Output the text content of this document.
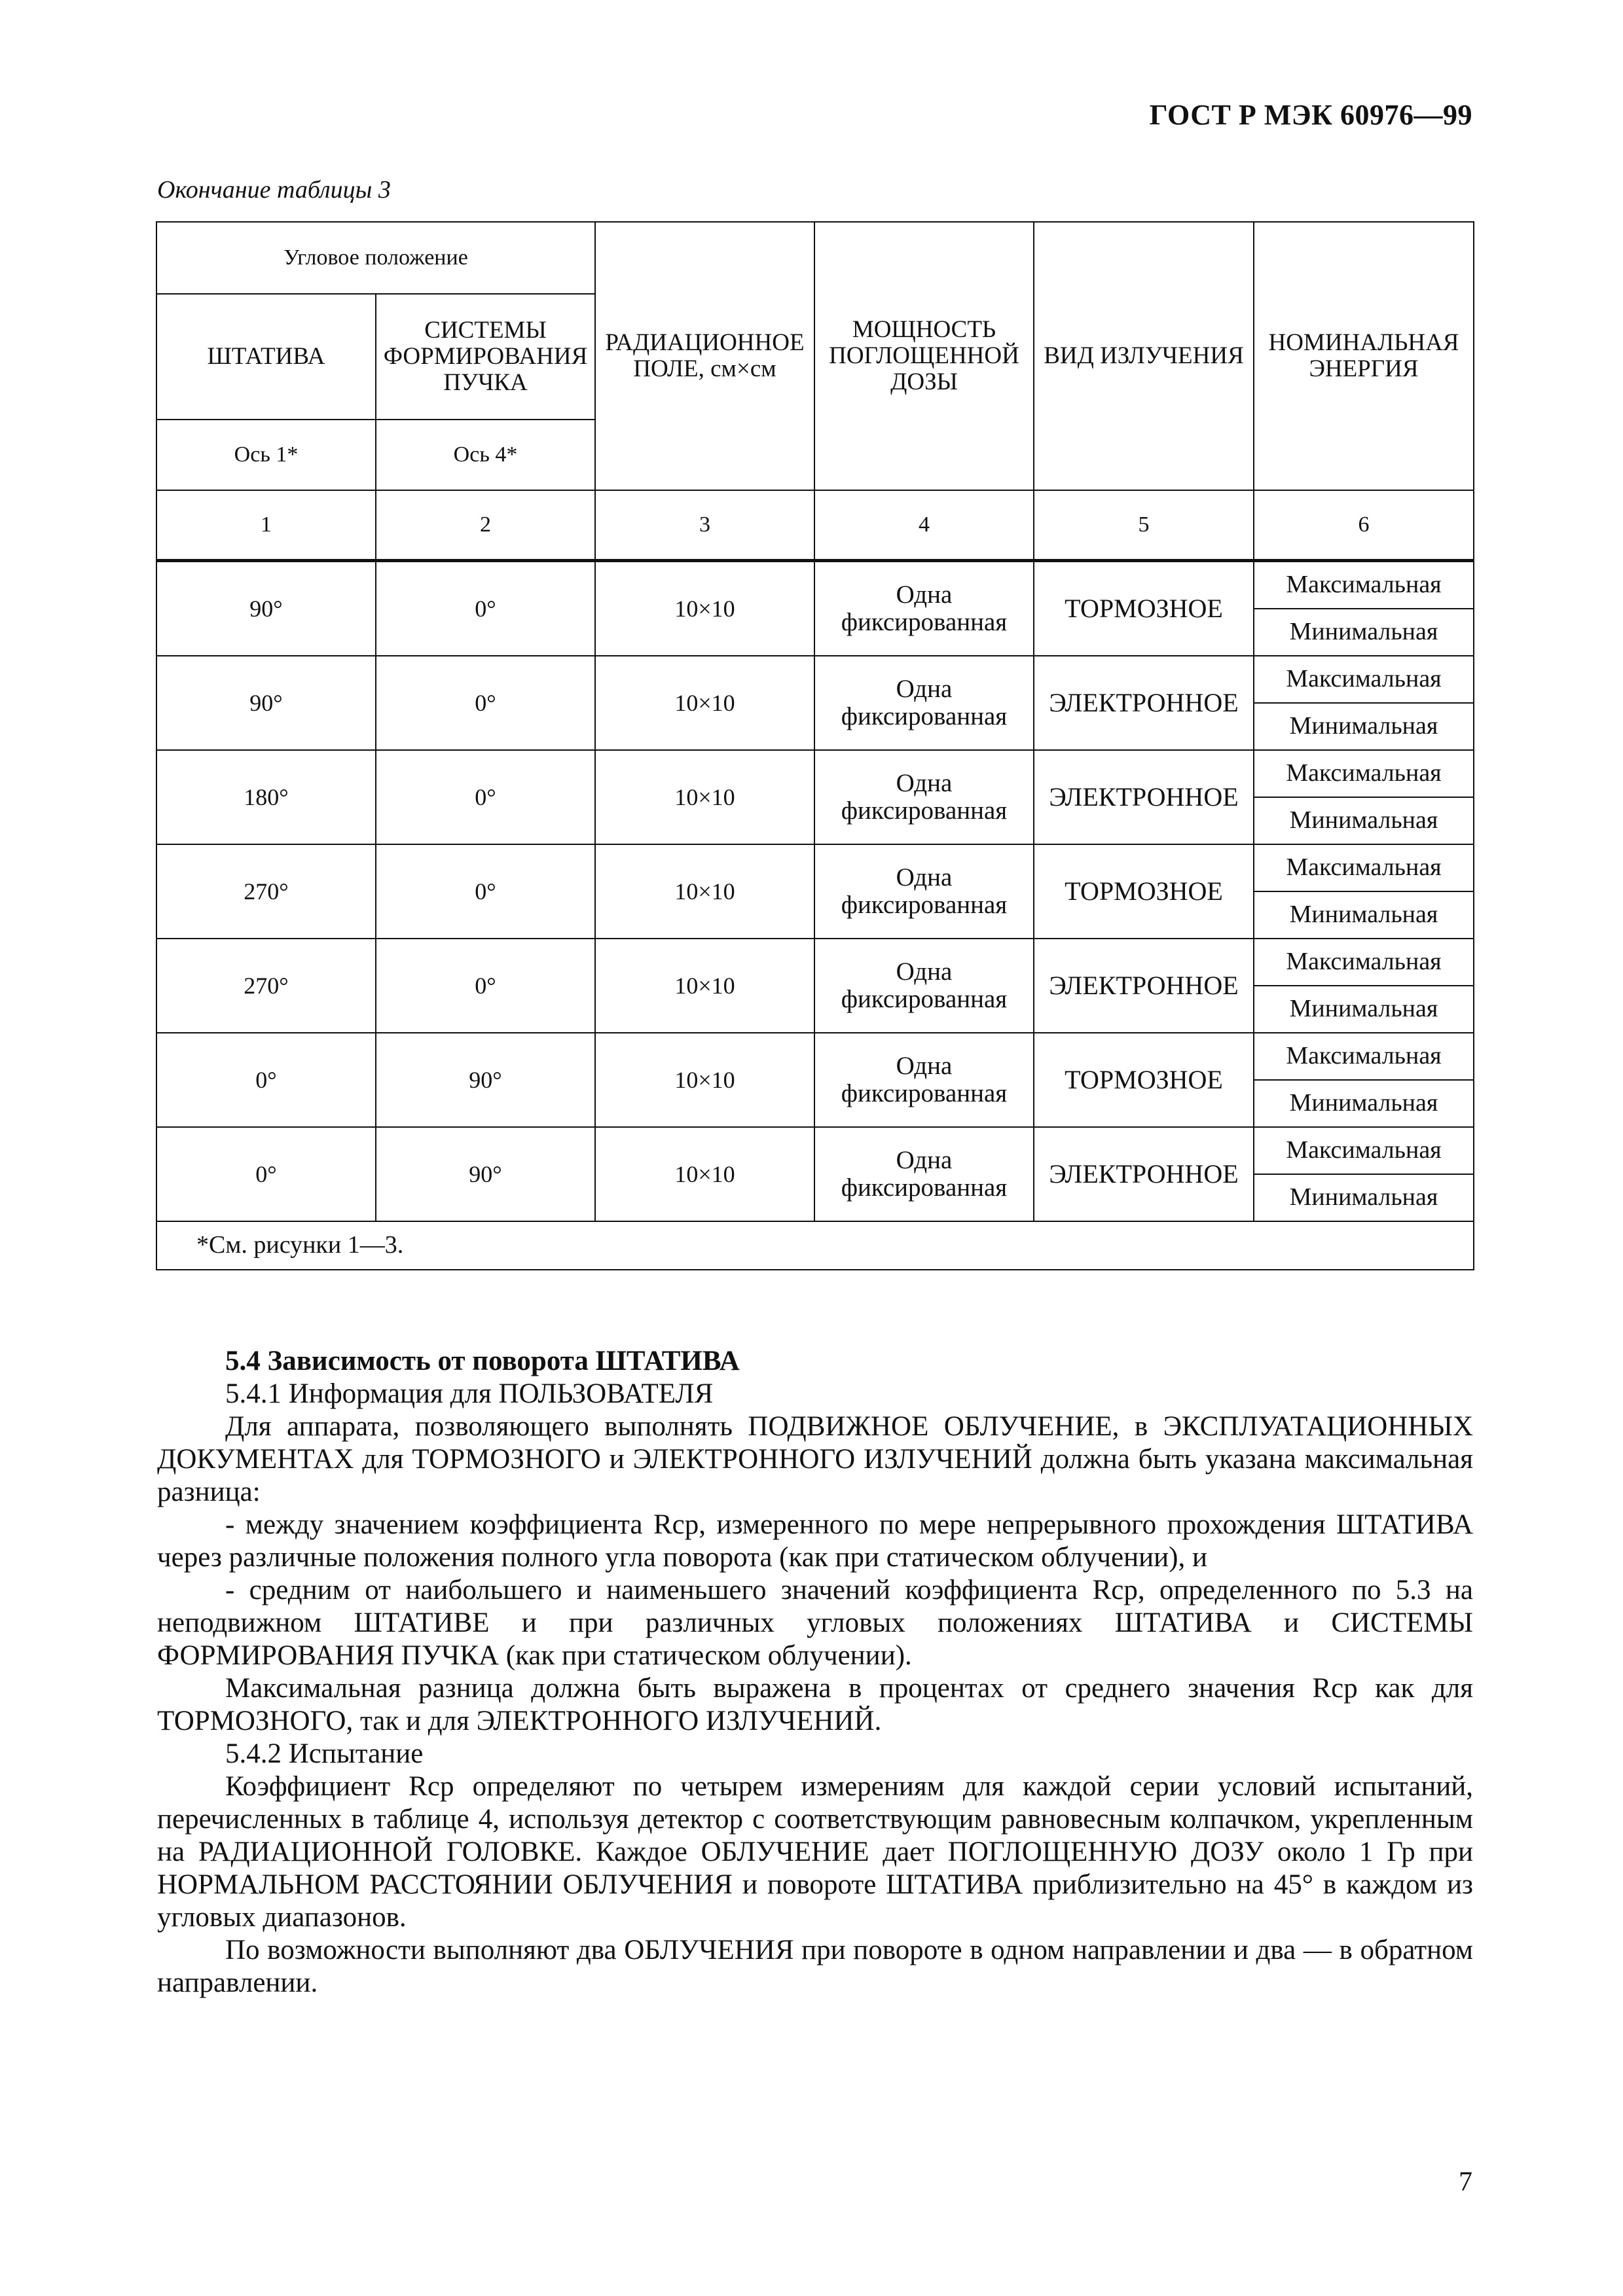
ГОСТ Р МЭК 60976—99
Окончание таблицы 3
Угловое положение		РАДИАЦИОННОЕ ПОЛЕ, см×см	МОЩНОСТЬ ПОГЛОЩЕННОЙ ДОЗЫ	ВИД ИЗЛУЧЕНИЯ	НОМИНАЛЬНАЯ ЭНЕРГИЯ
ШТАТИВА	СИСТЕМЫ ФОРМИРОВАНИЯ ПУЧКА				
Ось 1*	Ось 4*				
1	2	3	4	5	6
90°	0°	10×10	Одна фиксированная	ТОРМОЗНОЕ	Максимальная
					Минимальная
90°	0°	10×10	Одна фиксированная	ЭЛЕКТРОННОЕ	Максимальная
					Минимальная
180°	0°	10×10	Одна фиксированная	ЭЛЕКТРОННОЕ	Максимальная
					Минимальная
270°	0°	10×10	Одна фиксированная	ТОРМОЗНОЕ	Максимальная
					Минимальная
270°	0°	10×10	Одна фиксированная	ЭЛЕКТРОННОЕ	Максимальная
					Минимальная
0°	90°	10×10	Одна фиксированная	ТОРМОЗНОЕ	Максимальная
					Минимальная
0°	90°	10×10	Одна фиксированная	ЭЛЕКТРОННОЕ	Максимальная
					Минимальная
*См. рисунки 1—3.					

5.4 Зависимость от поворота ШТАТИВА

5.4.1 Информация для ПОЛЬЗОВАТЕЛЯ

Для аппарата, позволяющего выполнять ПОДВИЖНОЕ ОБЛУЧЕНИЕ, в ЭКСПЛУАТАЦИОННЫХ ДОКУМЕНТАХ для ТОРМОЗНОГО и ЭЛЕКТРОННОГО ИЗЛУЧЕНИЙ должна быть указана максимальная разница:

- между значением коэффициента Rср, измеренного по мере непрерывного прохождения ШТАТИВА через различные положения полного угла поворота (как при статическом облучении), и

- средним от наибольшего и наименьшего значений коэффициента Rср, определенного по 5.3 на неподвижном ШТАТИВЕ и при различных угловых положениях ШТАТИВА и СИСТЕМЫ ФОРМИРОВАНИЯ ПУЧКА (как при статическом облучении).

Максимальная разница должна быть выражена в процентах от среднего значения Rср как для ТОРМОЗНОГО, так и для ЭЛЕКТРОННОГО ИЗЛУЧЕНИЙ.

5.4.2 Испытание

Коэффициент Rср определяют по четырем измерениям для каждой серии условий испытаний, перечисленных в таблице 4, используя детектор с соответствующим равновесным колпачком, укрепленным на РАДИАЦИОННОЙ ГОЛОВКЕ. Каждое ОБЛУЧЕНИЕ дает ПОГЛОЩЕННУЮ ДОЗУ около 1 Гр при НОРМАЛЬНОМ РАССТОЯНИИ ОБЛУЧЕНИЯ и повороте ШТАТИВА приблизительно на 45° в каждом из угловых диапазонов.

По возможности выполняют два ОБЛУЧЕНИЯ при повороте в одном направлении и два — в обратном направлении.

7
